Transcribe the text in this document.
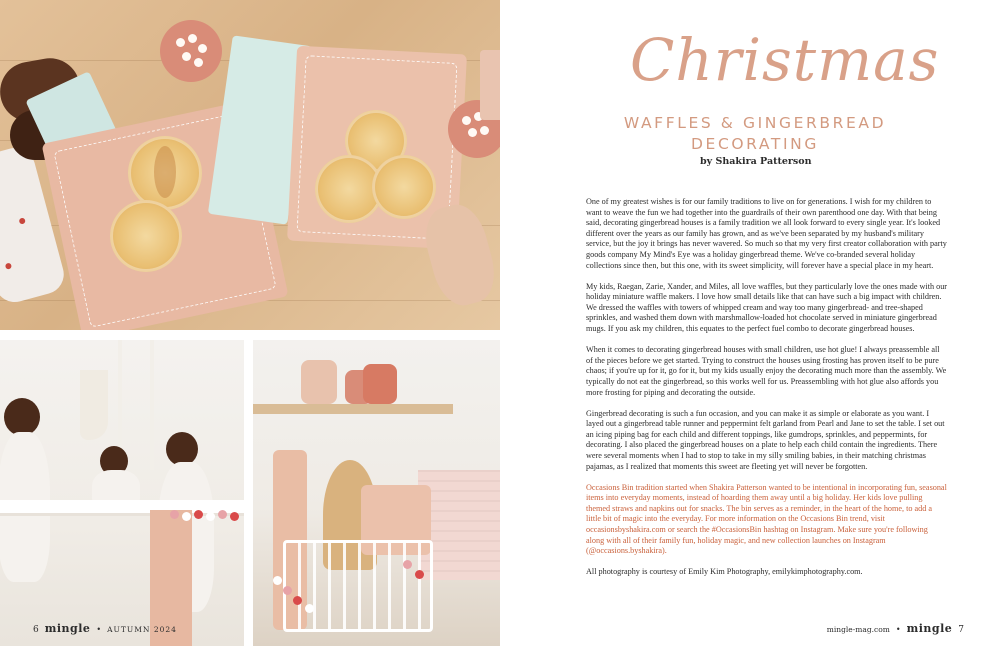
6 mingle • AUTUMN 2024
Christmas
WAFFLES & GINGERBREAD
DECORATING
by Shakira Patterson

One of my greatest wishes is for our family traditions to live on for generations. I wish for my children to want to weave the fun we had together into the guardrails of their own parenthood one day. With that being said, decorating gingerbread houses is a family tradition we all look forward to every single year. It's looked different over the years as our family has grown, and as we've been separated by my husband's military service, but the joy it brings has never wavered. So much so that my very first creator collaboration with party goods company My Mind's Eye was a holiday gingerbread theme. We've co-branded several holiday collections since then, but this one, with its sweet simplicity, will forever have a special place in my heart.

My kids, Raegan, Zarie, Xander, and Miles, all love waffles, but they particularly love the ones made with our holiday miniature waffle makers. I love how small details like that can have such a big impact with children. We dressed the waffles with towers of whipped cream and way too many gingerbread- and tree-shaped sprinkles, and washed them down with marshmallow-loaded hot chocolate served in miniature gingerbread mugs. If you ask my children, this equates to the perfect fuel combo to decorate gingerbread houses.

When it comes to decorating gingerbread houses with small children, use hot glue! I always preassemble all of the pieces before we get started. Trying to construct the houses using frosting has proven itself to be pure chaos; if you're up for it, go for it, but my kids usually enjoy the decorating much more than the assembly. We typically do not eat the gingerbread, so this works well for us. Preassembling with hot glue also affords you more frosting for piping and decorating the outside.

Gingerbread decorating is such a fun occasion, and you can make it as simple or elaborate as you want. I layed out a gingerbread table runner and peppermint felt garland from Pearl and Jane to set the table. I set out an icing piping bag for each child and different toppings, like gumdrops, sprinkles, and peppermints, for decorating. I also placed the gingerbread houses on a plate to help each child contain the ingredients. There were several moments when I had to stop to take in my silly smiling babies, in their matching christmas pajamas, as I realized that moments this sweet are fleeting yet will never be forgotten.

Occasions Bin tradition started when Shakira Patterson wanted to be intentional in incorporating fun, seasonal items into everyday moments, instead of hoarding them away until a big holiday. Her kids love pulling themed straws and napkins out for snacks. The bin serves as a reminder, in the heart of the home, to add a little bit of magic into the everyday. For more information on the Occasions Bin trend, visit occasionsbyshakira.com or search the #OccasionsBin hashtag on Instagram. Make sure you're following along with all of their family fun, holiday magic, and new collection launches on Instagram (@occasions.byshakira).

All photography is courtesy of Emily Kim Photography, emilykimphotography.com.

mingle-mag.com • mingle 7
